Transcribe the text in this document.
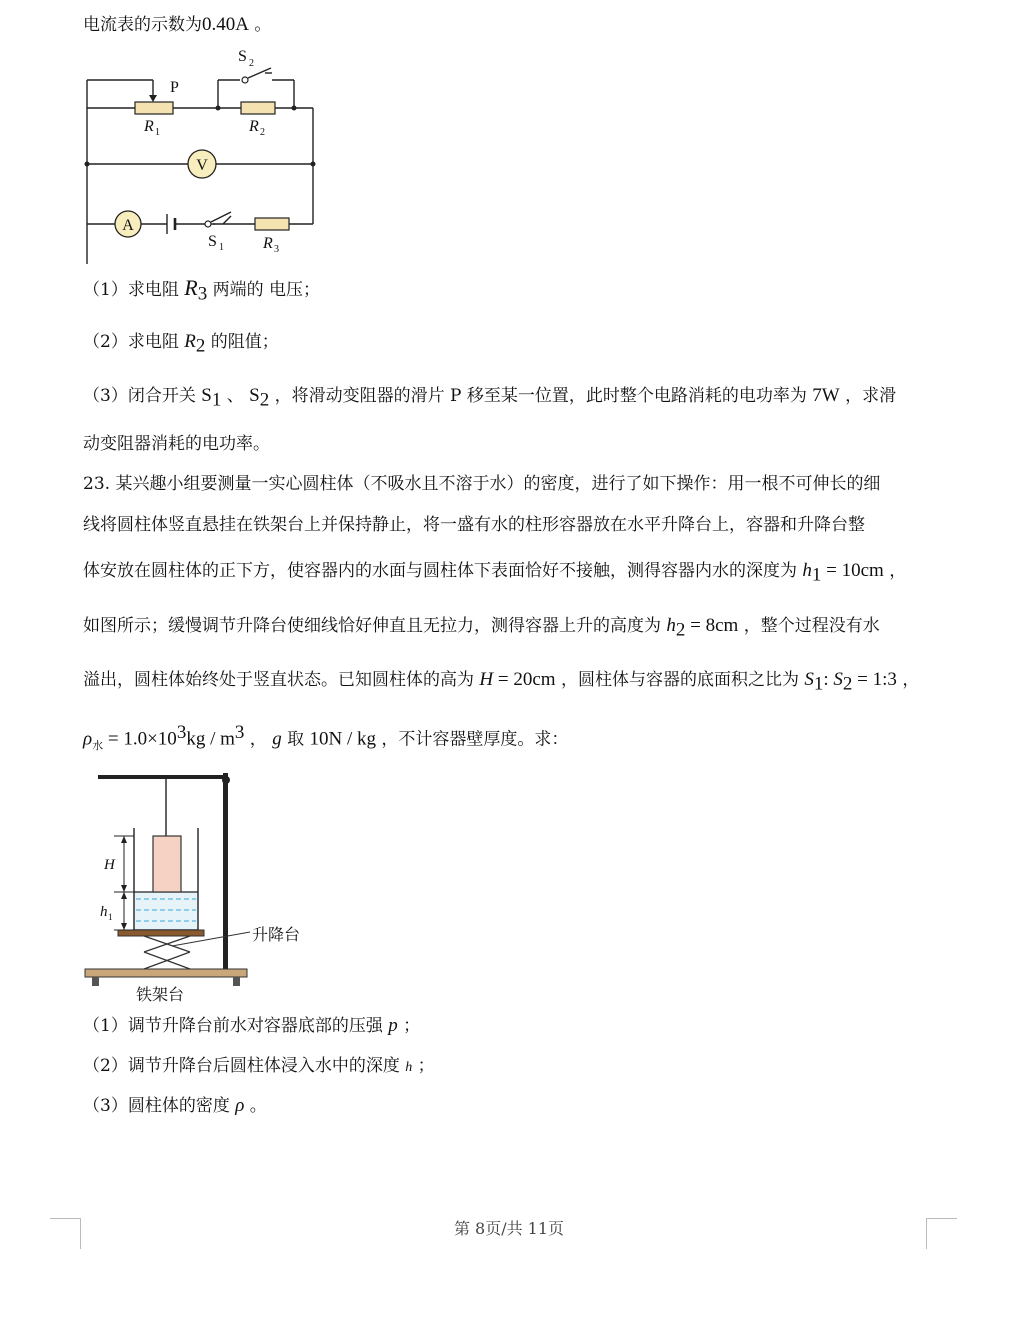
电流表的示数为0.40A 。
V
A
S 2
P
R 1	R 2
S 1 R 3
（1）求电阻 $R_3$ 两端的 电压；
（2）求电阻 $R_2$ 的阻值；
（3）闭合开关 $S_1$ 、 $S_2$ ，将滑动变阻器的滑片 P 移至某一位置，此时整个电路消耗的电功率为 7W ，求滑
动变阻器消耗的电功率。
23. 某兴趣小组要测量一实心圆柱体（不吸水且不溶于水）的密度，进行了如下操作：用一根不可伸长的细
线将圆柱体竖直悬挂在铁架台上并保持静止，将一盛有水的柱形容器放在水平升降台上，容器和升降台整
体安放在圆柱体的正下方，使容器内的水面与圆柱体下表面恰好不接触，测得容器内水的深度为 $h_1 = 10cm$ ，
如图所示；缓慢调节升降台使细线恰好伸直且无拉力，测得容器上升的高度为 $h_2 = 8cm$ ，整个过程没有水
溢出，圆柱体始终处于竖直状态。已知圆柱体的高为 H = 20cm ，圆柱体与容器的底面积之比为 $S_1$: $S_2$ = 1:3 ，
$\rho_水 = 1.0\times 10^3kg / m^3$ ， g 取 10N / kg ，不计容器壁厚度。求：
H
h 1
升降台
铁架台
（1）调节升降台前水对容器底部的压强 p ；
（2）调节升降台后圆柱体浸入水中的深度 h ；
（3）圆柱体的密度 ρ 。
第 8页/共 11页
